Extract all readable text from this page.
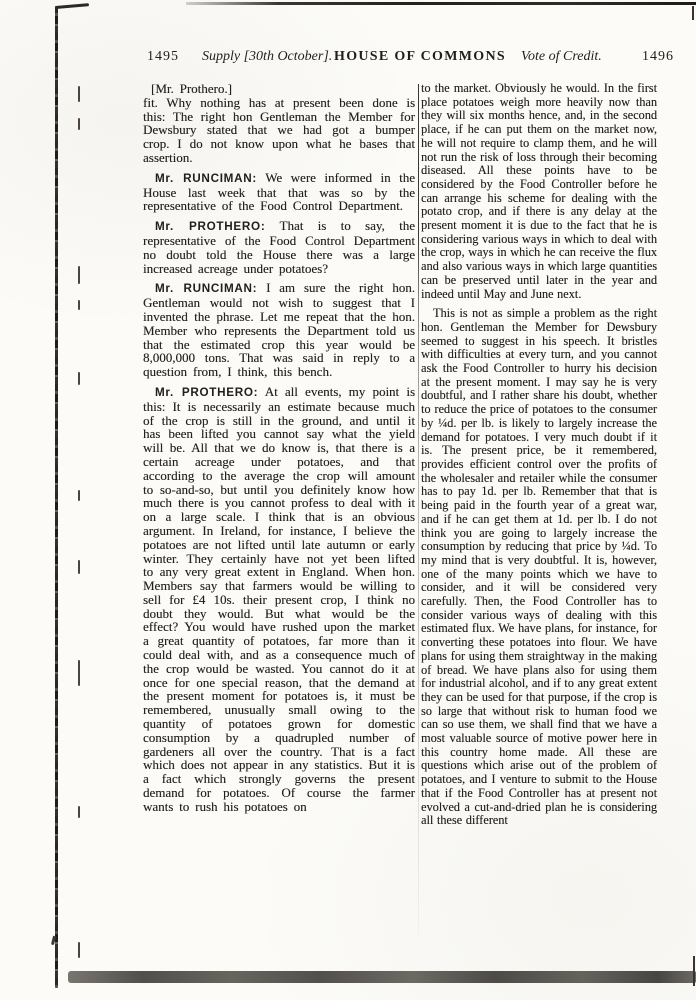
1495 Supply [30th October]. HOUSE OF COMMONS Vote of Credit.	1496

[Mr. Prothero.]

fit. Why nothing has at present been done is this: The right hon Gentleman the Member for Dewsbury stated that we had got a bumper crop. I do not know upon what he bases that assertion.

Mr. RUNCIMAN: We were informed in the House last week that that was so by the representative of the Food Control Department.

Mr. PROTHERO: That is to say, the representative of the Food Control Department no doubt told the House there was a large increased acreage under potatoes?

Mr. RUNCIMAN: I am sure the right hon. Gentleman would not wish to suggest that I invented the phrase. Let me repeat that the hon. Member who represents the Department told us that the estimated crop this year would be 8,000,000 tons. That was said in reply to a question from, I think, this bench.

Mr. PROTHERO: At all events, my point is this: It is necessarily an estimate because much of the crop is still in the ground, and until it has been lifted you cannot say what the yield will be. All that we do know is, that there is a certain acreage under potatoes, and that according to the average the crop will amount to so-and-so, but until you definitely know how much there is you cannot profess to deal with it on a large scale. I think that is an obvious argument. In Ireland, for instance, I believe the potatoes are not lifted until late autumn or early winter. They certainly have not yet been lifted to any very great extent in England. When hon. Members say that farmers would be willing to sell for £4 10s. their present crop, I think no doubt they would. But what would be the effect? You would have rushed upon the market a great quantity of potatoes, far more than it could deal with, and as a consequence much of the crop would be wasted. You cannot do it at once for one special reason, that the demand at the present moment for potatoes is, it must be remembered, unusually small owing to the quantity of potatoes grown for domestic consumption by a quadrupled number of gardeners all over the country. That is a fact which does not appear in any statistics. But it is a fact which strongly governs the present demand for potatoes. Of course the farmer wants to rush his potatoes on

to the market. Obviously he would. In the first place potatoes weigh more heavily now than they will six months hence, and, in the second place, if he can put them on the market now, he will not require to clamp them, and he will not run the risk of loss through their becoming diseased. All these points have to be considered by the Food Controller before he can arrange his scheme for dealing with the potato crop, and if there is any delay at the present moment it is due to the fact that he is considering various ways in which to deal with the crop, ways in which he can receive the flux and also various ways in which large quantities can be preserved until later in the year and indeed until May and June next.

This is not as simple a problem as the right hon. Gentleman the Member for Dewsbury seemed to suggest in his speech. It bristles with difficulties at every turn, and you cannot ask the Food Controller to hurry his decision at the present moment. I may say he is very doubtful, and I rather share his doubt, whether to reduce the price of potatoes to the consumer by ¼d. per lb. is likely to largely increase the demand for potatoes. I very much doubt if it is. The present price, be it remembered, provides efficient control over the profits of the wholesaler and retailer while the consumer has to pay 1d. per lb. Remember that that is being paid in the fourth year of a great war, and if he can get them at 1d. per lb. I do not think you are going to largely increase the consumption by reducing that price by ¼d. To my mind that is very doubtful. It is, however, one of the many points which we have to consider, and it will be considered very carefully. Then, the Food Controller has to consider various ways of dealing with this estimated flux. We have plans, for instance, for converting these potatoes into flour. We have plans for using them straightway in the making of bread. We have plans also for using them for industrial alcohol, and if to any great extent they can be used for that purpose, if the crop is so large that without risk to human food we can so use them, we shall find that we have a most valuable source of motive power here in this country home made. All these are questions which arise out of the problem of potatoes, and I venture to submit to the House that if the Food Controller has at present not evolved a cut-and-dried plan he is considering all these different
